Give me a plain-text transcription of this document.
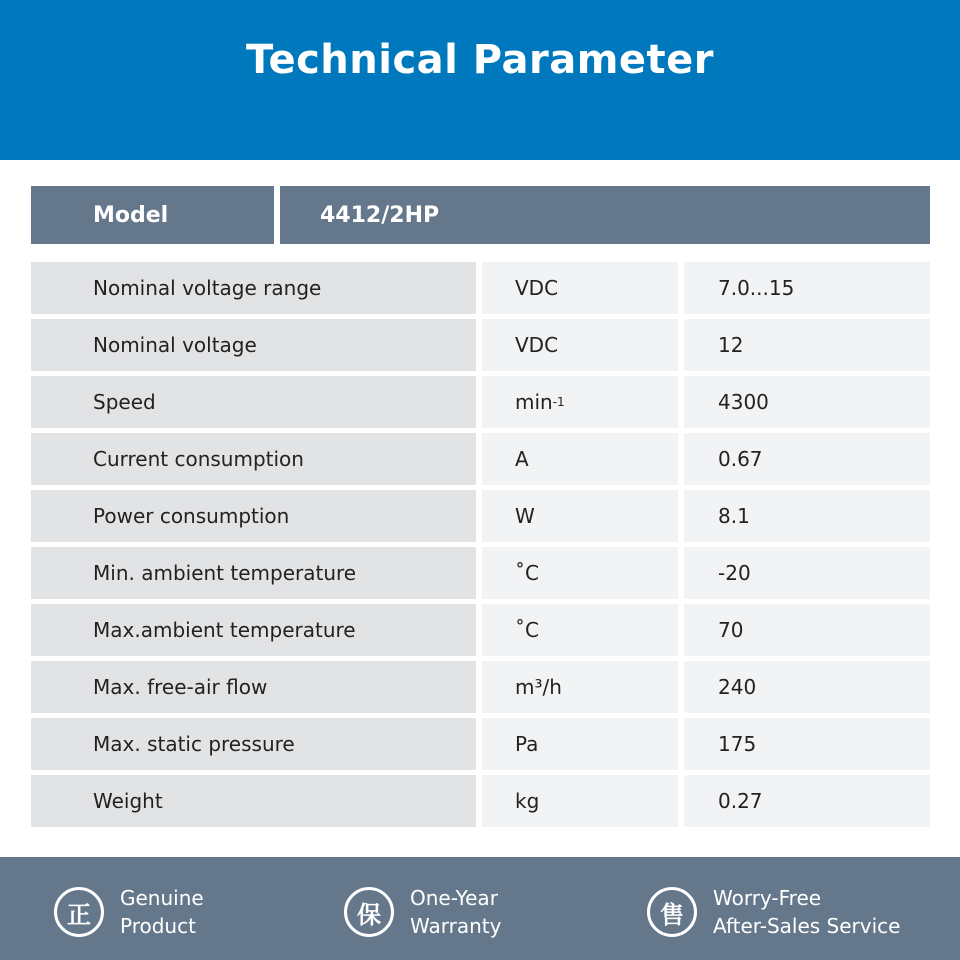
Technical Parameter
Model	4412/2HP
Nominal voltage range	VDC	7.0...15
Nominal voltage	VDC	12
Speed	min -1	4300
Current consumption	A	0.67
Power consumption	W	8.1
Min. ambient temperature	˚C	-20
Max.ambient temperature	˚C	70
Max. free-air flow	m³/h	240
Max. static pressure	Pa	175
Weight	kg	0.27
正
Genuine
Product	保
One-Year
Warranty	售
Worry-Free
After-Sales Service
